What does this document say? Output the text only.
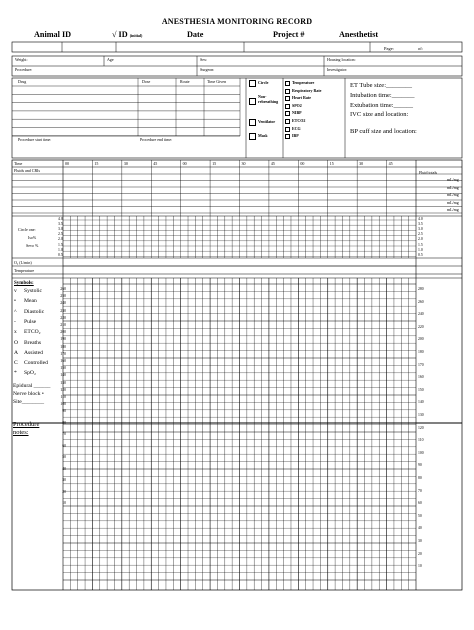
ANESTHESIA MONITORING RECORD
Animal ID	√ ID (initial)	Date	Project #	Anesthetist
Page:	of:
Weight:	Age	Sex:	Housing location:
Procedure:	Surgeon:	Investigator:
Drug	Dose	Route	Time Given
Procedure start time:	Procedure end time:
Circle
Non-rebreathing
Ventilator
Mask
Temperature
Respiratory Rate
Heart Rate
SPO2
NIBP
ETCO2
ECG
IBP
ET Tube size:________
Intubation time:_______
Extubation time:______
IVC size and location:
BP cuff size and location:
Time	00	15	30	45	00	15	30	45	00	15	30	45
Fluids and CRIs	Fluid totals
mL/mg
mL/mg
mL/mg
mL/mg
mL/mg
Circle one:
Iso%
Sevo %
4.0	4.0
3.5	3.5
3.0	3.0
2.5	2.5
2.0	2.0
1.5	1.5
1.0	1.0
0.5	0.5
O₂ (L/min)
Temperature
Symbols:
v Systolic
• Mean
^ Diastolic
- Pulse
x ETCO₂
O Breaths
A Assisted
C Controlled
* SpO₂
Epidural ______
Nerve block •
Site________
Procedure notes:
260
250
240
230
220
210
200
190
180
170
160
150
140
130
120
110
100
90
80
70
60
50
40
30
20
10
280
260
240
220
200
180
170
160
150
140
130
120
110
100
90
80
70
60
50
40
30
20
10
